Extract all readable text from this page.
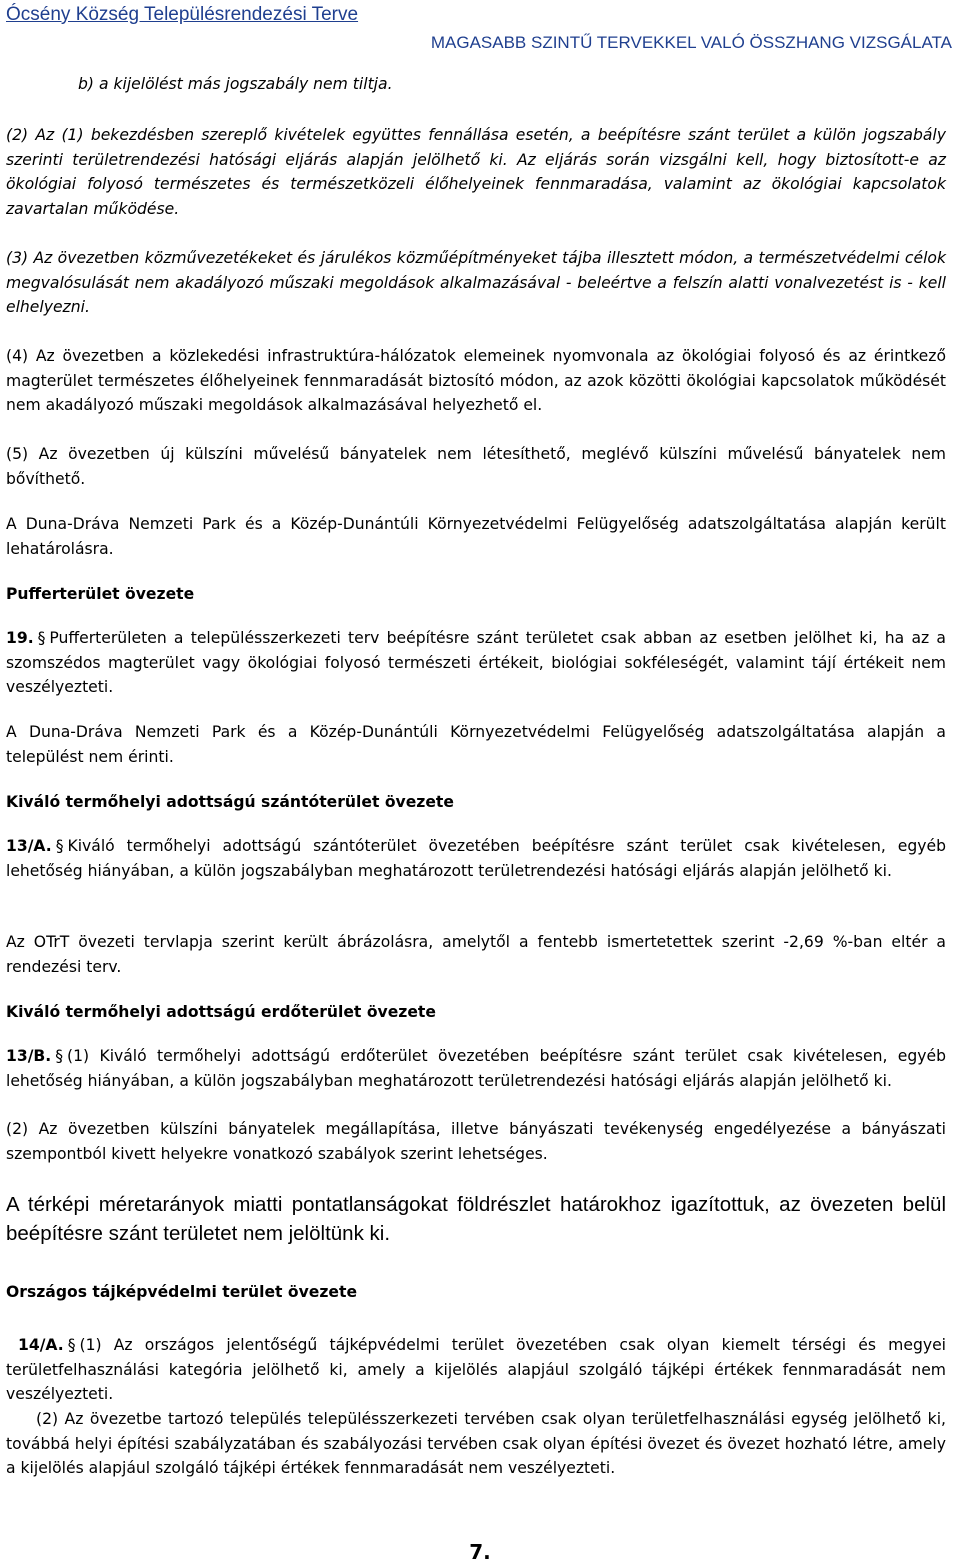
Ócsény Község Településrendezési Terve
MAGASABB SZINTŰ TERVEKKEL VALÓ ÖSSZHANG VIZSGÁLATA

b) a kijelölést más jogszabály nem tiltja.

(2) Az (1) bekezdésben szereplő kivételek együttes fennállása esetén, a beépítésre szánt terület a külön jogszabály szerinti területrendezési hatósági eljárás alapján jelölhető ki. Az eljárás során vizsgálni kell, hogy biztosított-e az ökológiai folyosó természetes és természetközeli élőhelyeinek fennmaradása, valamint az ökológiai kapcsolatok zavartalan működése.

(3) Az övezetben közművezetékeket és járulékos közműépítményeket tájba illesztett módon, a természetvédelmi célok megvalósulását nem akadályozó műszaki megoldások alkalmazásával - beleértve a felszín alatti vonalvezetést is - kell elhelyezni.

(4) Az övezetben a közlekedési infrastruktúra-hálózatok elemeinek nyomvonala az ökológiai folyosó és az érintkező magterület természetes élőhelyeinek fennmaradását biztosító módon, az azok közötti ökológiai kapcsolatok működését nem akadályozó műszaki megoldások alkalmazásával helyezhető el.

(5) Az övezetben új külszíni művelésű bányatelek nem létesíthető, meglévő külszíni művelésű bányatelek nem bővíthető.

A Duna-Dráva Nemzeti Park és a Közép-Dunántúli Környezetvédelmi Felügyelőség adatszolgáltatása alapján került lehatárolásra.

Pufferterület övezete

19. § Pufferterületen a településszerkezeti terv beépítésre szánt területet csak abban az esetben jelölhet ki, ha az a szomszédos magterület vagy ökológiai folyosó természeti értékeit, biológiai sokféleségét, valamint tájí értékeit nem veszélyezteti.

A Duna-Dráva Nemzeti Park és a Közép-Dunántúli Környezetvédelmi Felügyelőség adatszolgáltatása alapján a települést nem érinti.

Kiváló termőhelyi adottságú szántóterület övezete

13/A. § Kiváló termőhelyi adottságú szántóterület övezetében beépítésre szánt terület csak kivételesen, egyéb lehetőség hiányában, a külön jogszabályban meghatározott területrendezési hatósági eljárás alapján jelölhető ki.

Az OTrT övezeti tervlapja szerint került ábrázolásra, amelytől a fentebb ismertetettek szerint -2,69 %-ban eltér a rendezési terv.

Kiváló termőhelyi adottságú erdőterület övezete

13/B. § (1) Kiváló termőhelyi adottságú erdőterület övezetében beépítésre szánt terület csak kivételesen, egyéb lehetőség hiányában, a külön jogszabályban meghatározott területrendezési hatósági eljárás alapján jelölhető ki.

(2) Az övezetben külszíni bányatelek megállapítása, illetve bányászati tevékenység engedélyezése a bányászati szempontból kivett helyekre vonatkozó szabályok szerint lehetséges.

A térképi méretarányok miatti pontatlanságokat földrészlet határokhoz igazítottuk, az övezeten belül beépítésre szánt területet nem jelöltünk ki.

Országos tájképvédelmi terület övezete

14/A. § (1) Az országos jelentőségű tájképvédelmi terület övezetében csak olyan kiemelt térségi és megyei területfelhasználási kategória jelölhető ki, amely a kijelölés alapjául szolgáló tájképi értékek fennmaradását nem veszélyezteti.

(2) Az övezetbe tartozó település településszerkezeti tervében csak olyan területfelhasználási egység jelölhető ki, továbbá helyi építési szabályzatában és szabályozási tervében csak olyan építési övezet és övezet hozható létre, amely a kijelölés alapjául szolgáló tájképi értékek fennmaradását nem veszélyezteti.

7.
